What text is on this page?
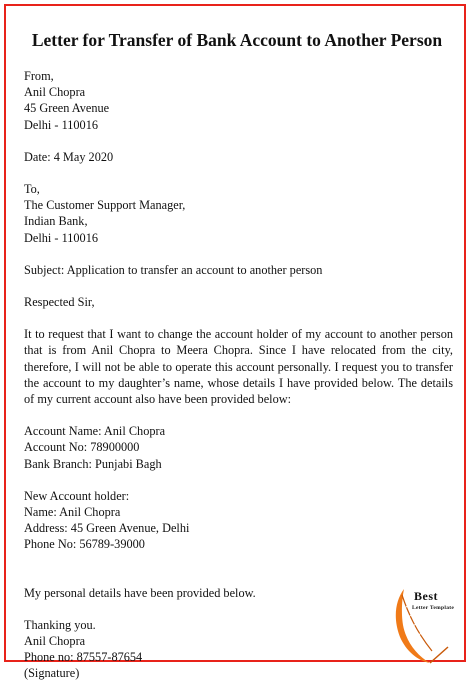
Letter for Transfer of Bank Account to Another Person
From,
Anil Chopra
45 Green Avenue
Delhi - 110016
Date: 4 May 2020
To,
The Customer Support Manager,
Indian Bank,
Delhi - 110016
Subject: Application to transfer an account to another person
Respected Sir,

It to request that I want to change the account holder of my account to another person that is from Anil Chopra to Meera Chopra. Since I have relocated from the city, therefore, I will not be able to operate this account personally. I request you to transfer the account to my daughter’s name, whose details I have provided below. The details of my current account also have been provided below:

Account Name: Anil Chopra
Account No: 78900000
Bank Branch: Punjabi Bagh
New Account holder:
Name: Anil Chopra
Address: 45 Green Avenue, Delhi
Phone No: 56789-39000
My personal details have been provided below.
Thanking you.
Anil Chopra
Phone no: 87557-87654
(Signature)
Best
Letter Template
